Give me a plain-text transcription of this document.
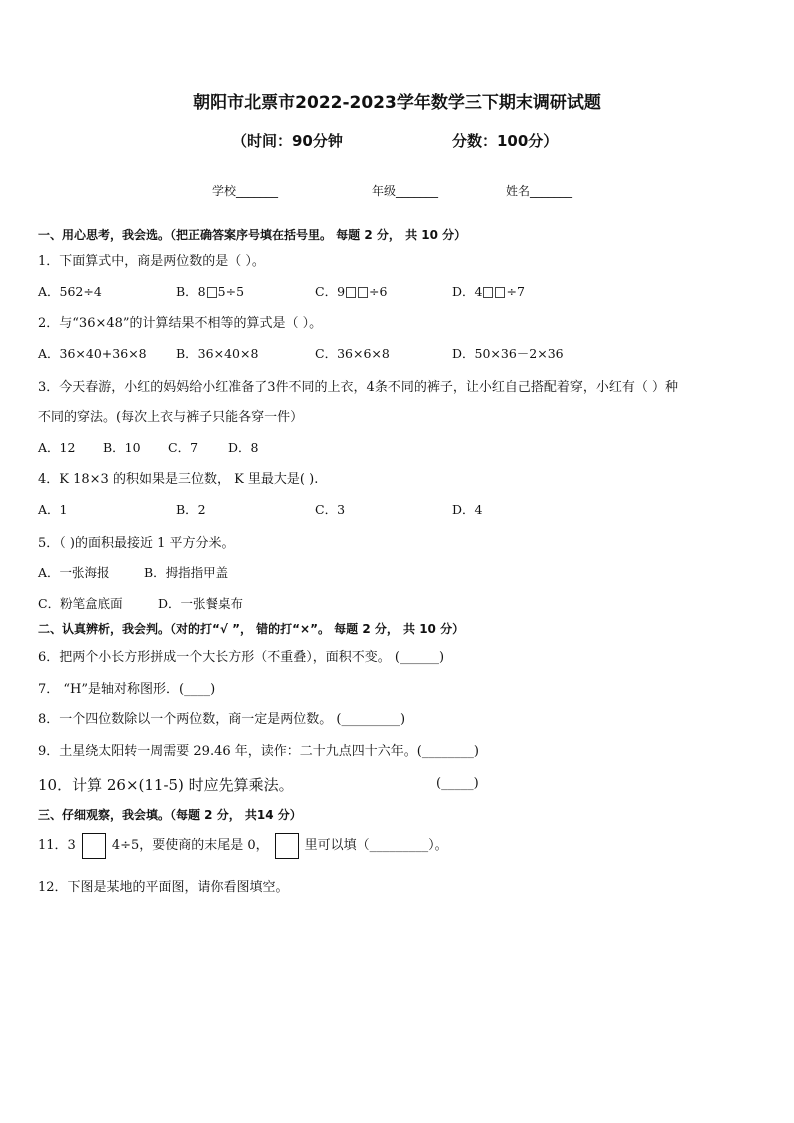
朝阳市北票市2022-2023学年数学三下期末调研试题
（时间：90分钟	分数：100分）
学校_______	年级_______	姓名_______
一、用心思考，我会选。（把正确答案序号填在括号里。 每题 2 分， 共 10 分）
1．下面算式中，商是两位数的是（ ）。
A．562÷4	B．8 5÷5	C．9 ÷6	D．4 ÷7
2．与“36×48”的计算结果不相等的算式是（ ）。
A．36×40+36×8 B．36×40×8	C．36×6×8	D．50×36－2×36
3．今天春游，小红的妈妈给小红准备了3件不同的上衣，4条不同的裤子，让小红自己搭配着穿，小红有（ ）种
不同的穿法。(每次上衣与裤子只能各穿一件）
A．12 B．10 C．7 D．8
4．K 18×3 的积如果是三位数， K 里最大是( ).
A．1	B．2	C．3	D．4
5．（ )的面积最接近 1 平方分米。
A．一张海报	B．拇指指甲盖
C．粉笔盒底面	D．一张餐桌布
二、认真辨析，我会判。（对的打“√ ”， 错的打“×”。 每题 2 分， 共 10 分）
6．把两个小长方形拼成一个大长方形（不重叠），面积不变。 (______)
7． “H”是轴对称图形．(____)
8．一个四位数除以一个两位数，商一定是两位数。 (_________)
9．土星绕太阳转一周需要 29.46 年，读作：二十九点四十六年。(________)
10．计算 26×(11-5) 时应先算乘法。	(_____)
三、仔细观察，我会填。（每题 2 分， 共14 分）
11．3	4÷5，要使商的末尾是 0，	里可以填（_________）。
12．下图是某地的平面图，请你看图填空。
